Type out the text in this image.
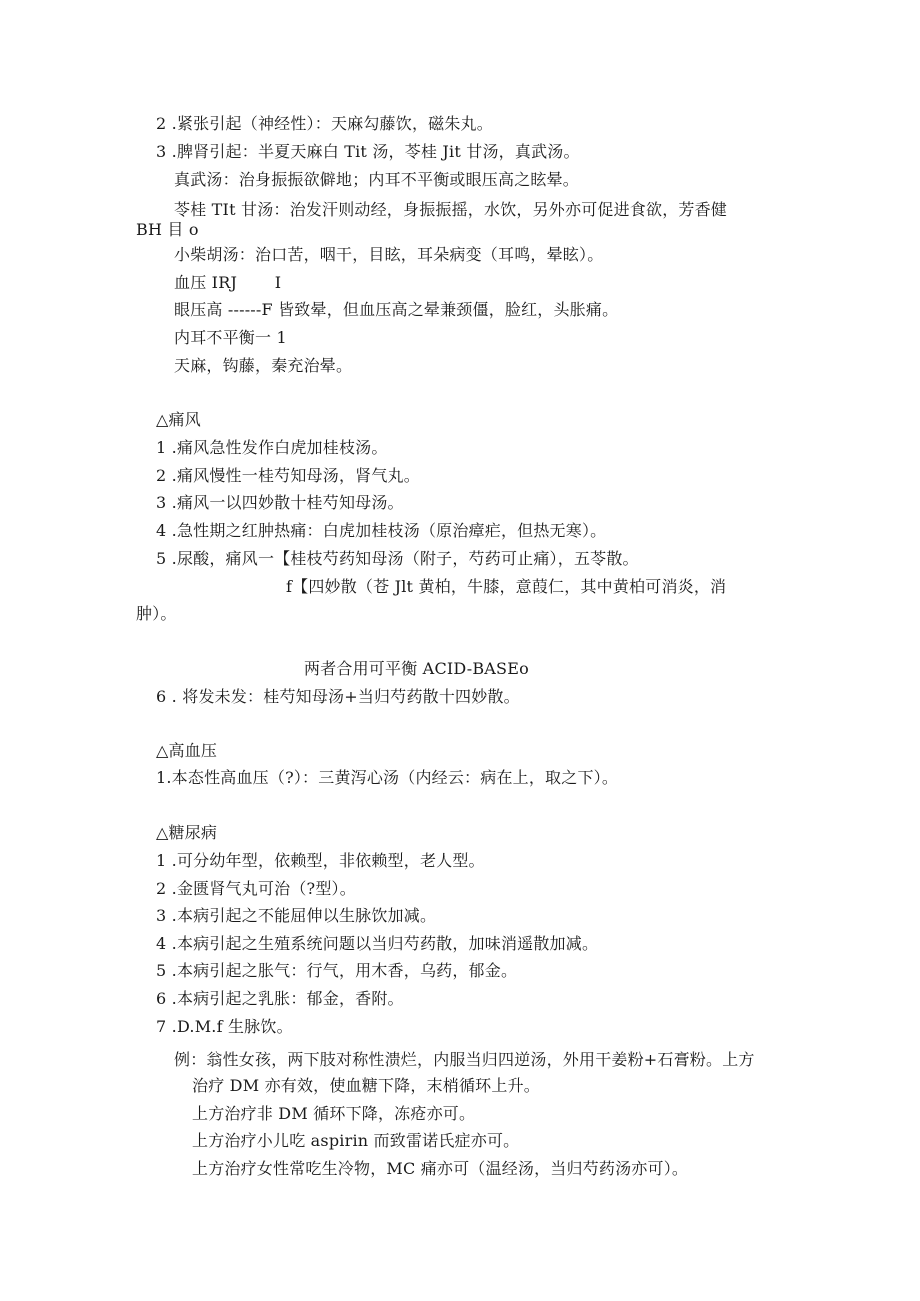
2 .紧张引起（神经性）：天麻勾藤饮，磁朱丸。
3 .脾肾引起：半夏天麻白 Tit 汤，苓桂 Jit 甘汤，真武汤。
真武汤：治身振振欲僻地；内耳不平衡或眼压高之眩晕。
苓桂 TIt 甘汤：治发汗则动经，身振振摇，水饮，另外亦可促进食欲，芳香健
BH 目 o
小柴胡汤：治口苦，咽干，目眩，耳朵病变（耳鸣，晕眩）。
血压 IRJ　　 I
眼压高 ------F 皆致晕，但血压高之晕兼颈僵，脸红，头胀痛。
内耳不平衡一 1
天麻，钩藤，秦充治晕。
△痛风
1 .痛风急性发作白虎加桂枝汤。
2 .痛风慢性一桂芍知母汤，肾气丸。
3 .痛风一以四妙散十桂芍知母汤。
4 .急性期之红肿热痛：白虎加桂枝汤（原治瘴疟，但热无寒）。
5 .尿酸，痛风一【桂枝芍药知母汤（附子，芍药可止痛），五苓散。
f【四妙散（苍 Jlt 黄柏，牛膝，意葭仁，其中黄柏可消炎，消
肿）。
两者合用可平衡 ACID-BASEo
6 . 将发未发：桂芍知母汤+当归芍药散十四妙散。
△高血压
1.本态性高血压（?）：三黄泻心汤（内经云：病在上，取之下）。
△糖尿病
1 .可分幼年型，依赖型，非依赖型，老人型。
2 .金匮肾气丸可治（?型）。
3 .本病引起之不能屈伸以生脉饮加减。
4 .本病引起之生殖系统问题以当归芍药散，加味消遥散加减。
5 .本病引起之胀气：行气，用木香，乌药，郁金。
6 .本病引起之乳胀：郁金，香附。
7 .D.M.f 生脉饮。
例：翁性女孩，两下肢对称性溃烂，内服当归四逆汤，外用干姜粉+石膏粉。上方
治疗 DM 亦有效，使血糖下降，末梢循环上升。
上方治疗非 DM 循环下降，冻疮亦可。
上方治疗小儿吃 aspirin 而致雷诺氏症亦可。
上方治疗女性常吃生冷物，MC 痛亦可（温经汤，当归芍药汤亦可）。
